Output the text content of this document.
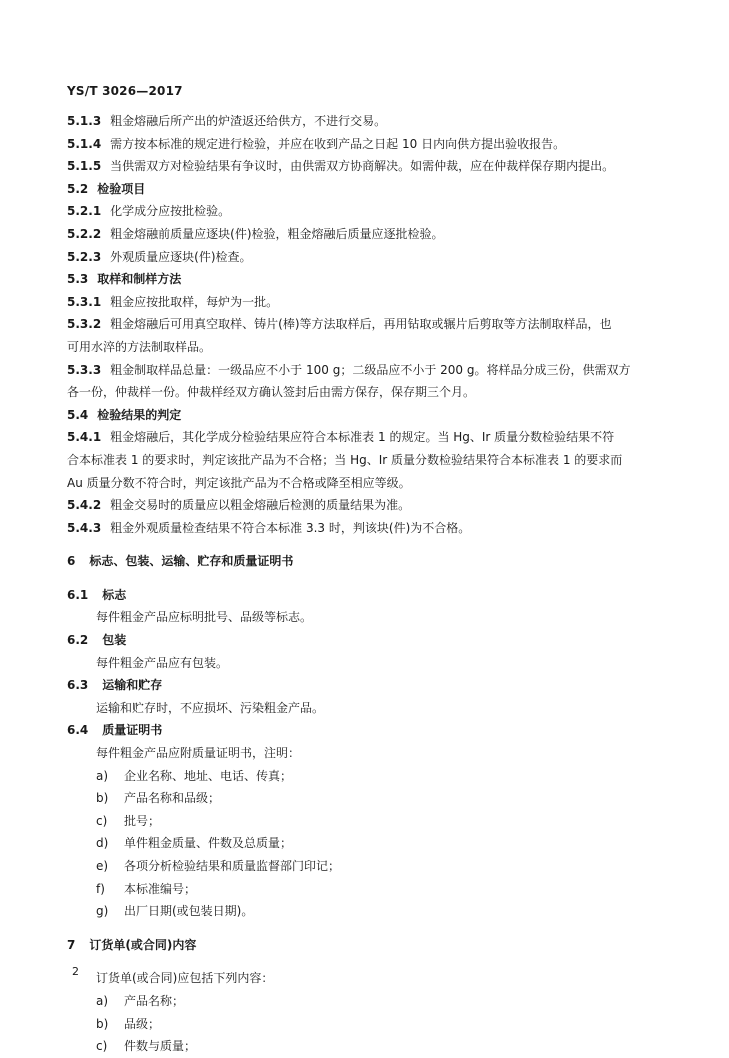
YS/T 3026—2017
5.1.3 粗金熔融后所产出的炉渣返还给供方，不进行交易。
5.1.4 需方按本标准的规定进行检验，并应在收到产品之日起 10 日内向供方提出验收报告。
5.1.5 当供需双方对检验结果有争议时，由供需双方协商解决。如需仲裁，应在仲裁样保存期内提出。
5.2 检验项目
5.2.1 化学成分应按批检验。
5.2.2 粗金熔融前质量应逐块(件)检验，粗金熔融后质量应逐批检验。
5.2.3 外观质量应逐块(件)检查。
5.3 取样和制样方法
5.3.1 粗金应按批取样，每炉为一批。
5.3.2 粗金熔融后可用真空取样、铸片(棒)等方法取样后，再用钻取或辗片后剪取等方法制取样品，也
可用水淬的方法制取样品。
5.3.3 粗金制取样品总量：一级品应不小于 100 g；二级品应不小于 200 g。将样品分成三份，供需双方
各一份，仲裁样一份。仲裁样经双方确认签封后由需方保存，保存期三个月。
5.4 检验结果的判定
5.4.1 粗金熔融后，其化学成分检验结果应符合本标准表 1 的规定。当 Hg、Ir 质量分数检验结果不符
合本标准表 1 的要求时，判定该批产品为不合格；当 Hg、Ir 质量分数检验结果符合本标准表 1 的要求而
Au 质量分数不符合时，判定该批产品为不合格或降至相应等级。
5.4.2 粗金交易时的质量应以粗金熔融后检测的质量结果为准。
5.4.3 粗金外观质量检查结果不符合本标准 3.3 时，判该块(件)为不合格。
6 标志、包装、运输、贮存和质量证明书
6.1 标志
每件粗金产品应标明批号、品级等标志。
6.2 包装
每件粗金产品应有包装。
6.3 运输和贮存
运输和贮存时，不应损坏、污染粗金产品。
6.4 质量证明书
每件粗金产品应附质量证明书，注明：
a) 企业名称、地址、电话、传真；
b) 产品名称和品级；
c) 批号；
d) 单件粗金质量、件数及总质量；
e) 各项分析检验结果和质量监督部门印记；
f) 本标准编号；
g) 出厂日期(或包装日期)。
7 订货单(或合同)内容
订货单(或合同)应包括下列内容：
a) 产品名称；
b) 品级；
c) 件数与质量；
2
